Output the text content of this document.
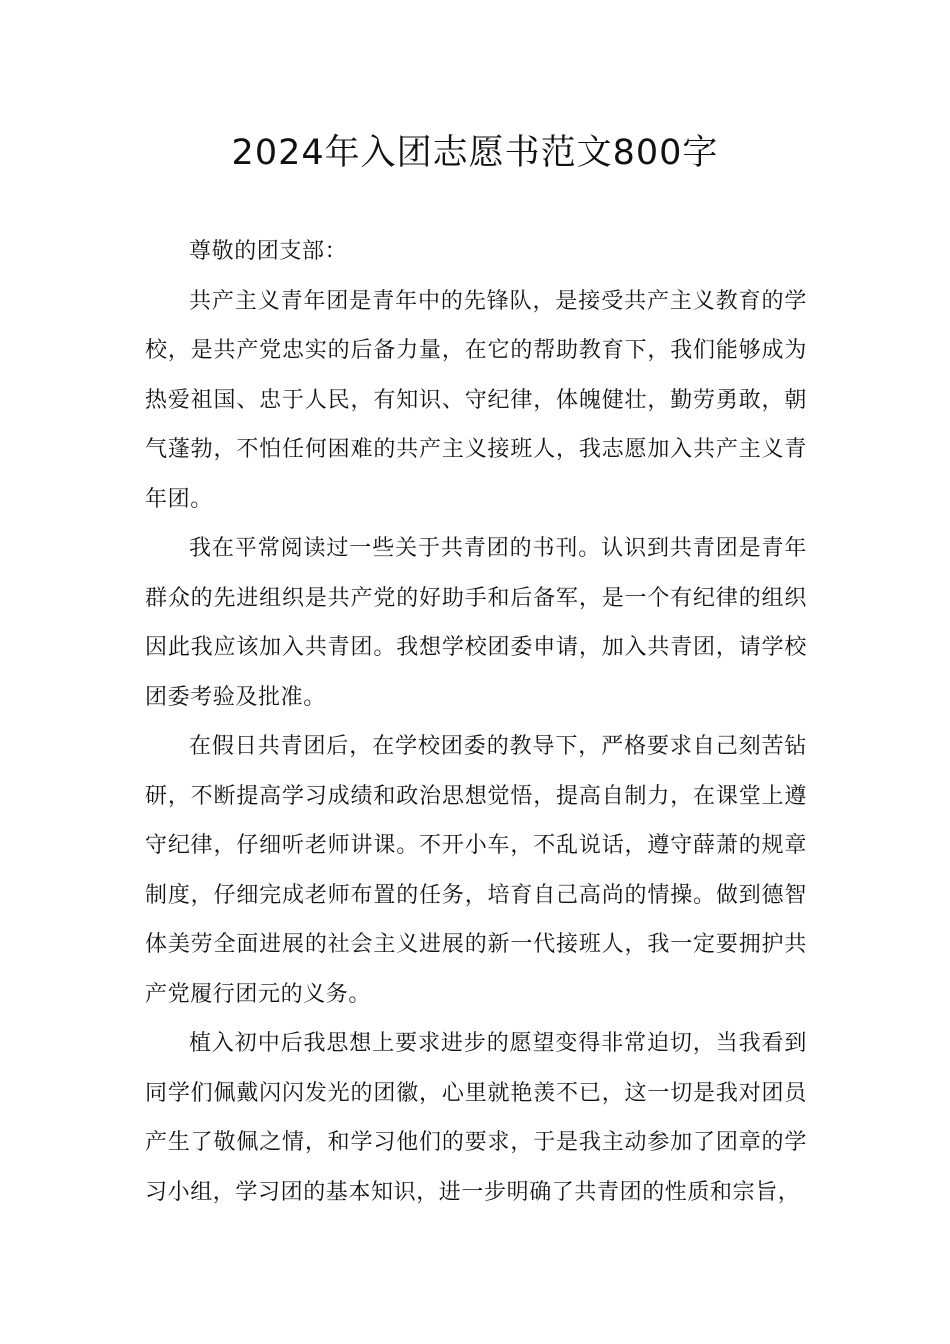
2024年入团志愿书范文800字

尊敬的团支部：

共产主义青年团是青年中的先锋队，是接受共产主义教育的学校，是共产党忠实的后备力量，在它的帮助教育下，我们能够成为热爱祖国、忠于人民，有知识、守纪律，体魄健壮，勤劳勇敢，朝气蓬勃，不怕任何困难的共产主义接班人，我志愿加入共产主义青年团。

我在平常阅读过一些关于共青团的书刊。认识到共青团是青年群众的先进组织是共产党的好助手和后备军，是一个有纪律的组织因此我应该加入共青团。我想学校团委申请，加入共青团，请学校团委考验及批准。

在假日共青团后，在学校团委的教导下，严格要求自己刻苦钻研，不断提高学习成绩和政治思想觉悟，提高自制力，在课堂上遵守纪律，仔细听老师讲课。不开小车，不乱说话，遵守薛萧的规章制度，仔细完成老师布置的任务，培育自己高尚的情操。做到德智体美劳全面进展的社会主义进展的新一代接班人，我一定要拥护共产党履行团元的义务。

植入初中后我思想上要求进步的愿望变得非常迫切，当我看到同学们佩戴闪闪发光的团徽，心里就艳羡不已，这一切是我对团员产生了敬佩之情，和学习他们的要求，于是我主动参加了团章的学习小组，学习团的基本知识，进一步明确了共青团的性质和宗旨，
